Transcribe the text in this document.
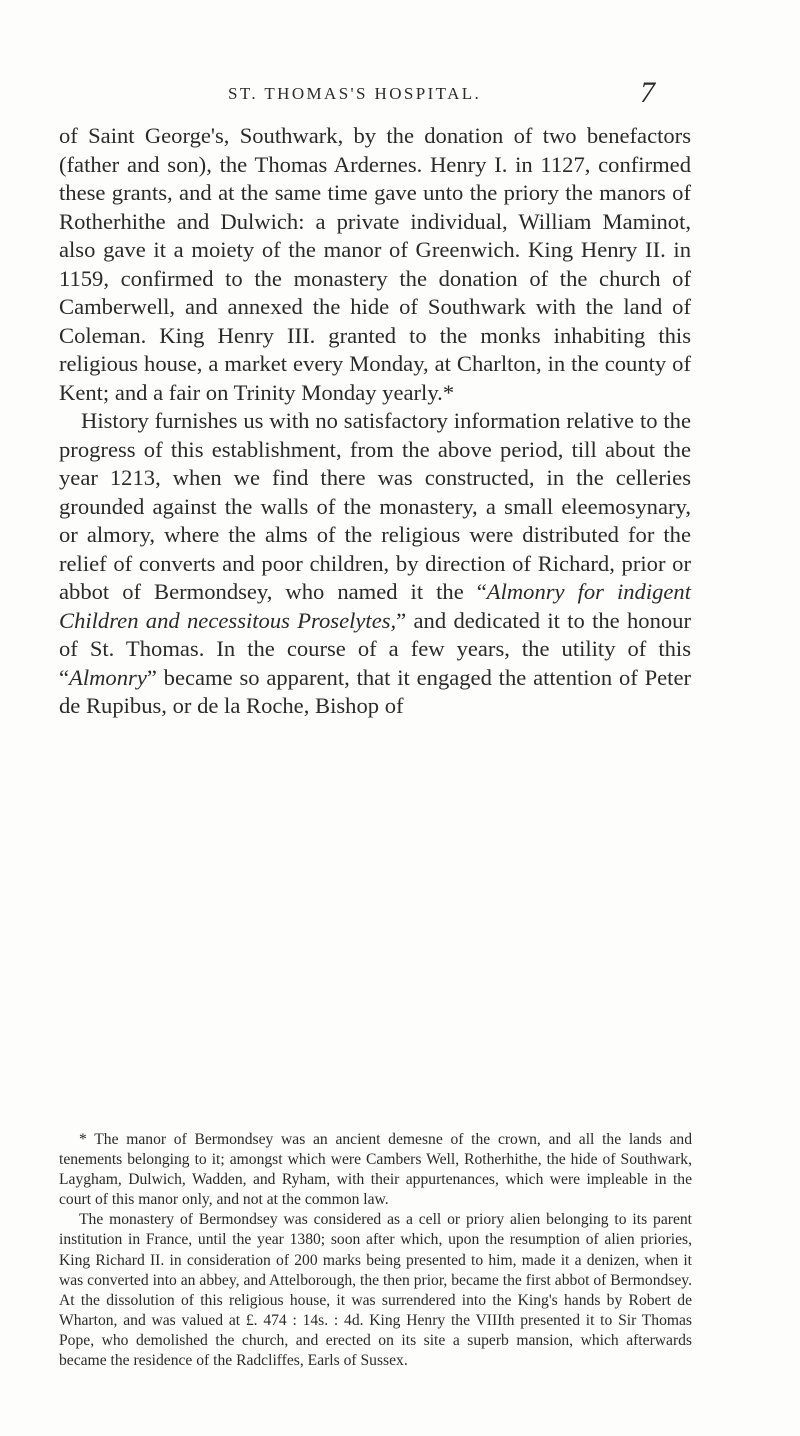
ST. THOMAS'S HOSPITAL.	7

of Saint George's, Southwark, by the donation of two benefactors (father and son), the Thomas Ardernes. Henry I. in 1127, confirmed these grants, and at the same time gave unto the priory the manors of Rotherhithe and Dulwich: a private individual, William Maminot, also gave it a moiety of the manor of Greenwich. King Henry II. in 1159, confirmed to the monastery the donation of the church of Camberwell, and annexed the hide of Southwark with the land of Coleman. King Henry III. granted to the monks inhabiting this religious house, a market every Monday, at Charlton, in the county of Kent; and a fair on Trinity Monday yearly.*

History furnishes us with no satisfactory information relative to the progress of this establishment, from the above period, till about the year 1213, when we find there was constructed, in the celleries grounded against the walls of the monastery, a small eleemosynary, or almory, where the alms of the religious were distributed for the relief of converts and poor children, by direction of Richard, prior or abbot of Bermondsey, who named it the “Almonry for indigent Children and necessitous Proselytes,” and dedicated it to the honour of St. Thomas. In the course of a few years, the utility of this “Almonry” became so apparent, that it engaged the attention of Peter de Rupibus, or de la Roche, Bishop of

* The manor of Bermondsey was an ancient demesne of the crown, and all the lands and tenements belonging to it; amongst which were Cambers Well, Rotherhithe, the hide of Southwark, Laygham, Dulwich, Wadden, and Ryham, with their appurtenances, which were impleable in the court of this manor only, and not at the common law.

The monastery of Bermondsey was considered as a cell or priory alien belonging to its parent institution in France, until the year 1380; soon after which, upon the resumption of alien priories, King Richard II. in consideration of 200 marks being presented to him, made it a denizen, when it was converted into an abbey, and Attelborough, the then prior, became the first abbot of Bermondsey. At the dissolution of this religious house, it was surrendered into the King's hands by Robert de Wharton, and was valued at £. 474 : 14s. : 4d. King Henry the VIIIth presented it to Sir Thomas Pope, who demolished the church, and erected on its site a superb mansion, which afterwards became the residence of the Radcliffes, Earls of Sussex.
